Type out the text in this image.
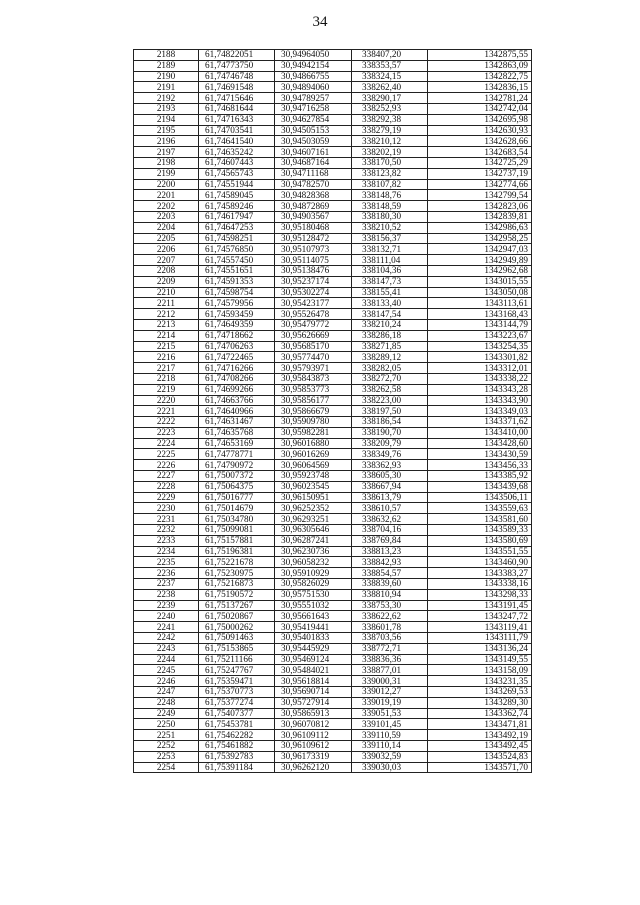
34
2188	61,74822051	30,94964050	338407,20	1342875,55
2189	61,74773750	30,94942154	338353,57	1342863,09
2190	61,74746748	30,94866755	338324,15	1342822,75
2191	61,74691548	30,94894060	338262,40	1342836,15
2192	61,74715646	30,94789257	338290,17	1342781,24
2193	61,74681644	30,94716258	338252,93	1342742,04
2194	61,74716343	30,94627854	338292,38	1342695,98
2195	61,74703541	30,94505153	338279,19	1342630,93
2196	61,74641540	30,94503059	338210,12	1342628,66
2197	61,74635242	30,94607161	338202,19	1342683,54
2198	61,74607443	30,94687164	338170,50	1342725,29
2199	61,74565743	30,94711168	338123,82	1342737,19
2200	61,74551944	30,94782570	338107,82	1342774,66
2201	61,74589045	30,94828368	338148,76	1342799,54
2202	61,74589246	30,94872869	338148,59	1342823,06
2203	61,74617947	30,94903567	338180,30	1342839,81
2204	61,74647253	30,95180468	338210,52	1342986,63
2205	61,74598251	30,95128472	338156,37	1342958,25
2206	61,74576850	30,95107973	338132,71	1342947,03
2207	61,74557450	30,95114075	338111,04	1342949,89
2208	61,74551651	30,95138476	338104,36	1342962,68
2209	61,74591353	30,95237174	338147,73	1343015,55
2210	61,74598754	30,95302274	338155,41	1343050,08
2211	61,74579956	30,95423177	338133,40	1343113,61
2212	61,74593459	30,95526478	338147,54	1343168,43
2213	61,74649359	30,95479772	338210,24	1343144,79
2214	61,74718662	30,95626669	338286,18	1343223,67
2215	61,74706263	30,95685170	338271,85	1343254,35
2216	61,74722465	30,95774470	338289,12	1343301,82
2217	61,74716266	30,95793971	338282,05	1343312,01
2218	61,74708266	30,95843873	338272,70	1343338,22
2219	61,74699266	30,95853773	338262,58	1343343,28
2220	61,74663766	30,95856177	338223,00	1343343,90
2221	61,74640966	30,95866679	338197,50	1343349,03
2222	61,74631467	30,95909780	338186,54	1343371,62
2223	61,74635768	30,95982281	338190,70	1343410,00
2224	61,74653169	30,96016880	338209,79	1343428,60
2225	61,74778771	30,96016269	338349,76	1343430,59
2226	61,74790972	30,96064569	338362,93	1343456,33
2227	61,75007372	30,95923748	338605,30	1343385,92
2228	61,75064375	30,96023545	338667,94	1343439,68
2229	61,75016777	30,96150951	338613,79	1343506,11
2230	61,75014679	30,96252352	338610,57	1343559,63
2231	61,75034780	30,96293251	338632,62	1343581,60
2232	61,75099081	30,96305646	338704,16	1343589,33
2233	61,75157881	30,96287241	338769,84	1343580,69
2234	61,75196381	30,96230736	338813,23	1343551,55
2235	61,75221678	30,96058232	338842,93	1343460,90
2236	61,75230975	30,95910929	338854,57	1343383,27
2237	61,75216873	30,95826029	338839,60	1343338,16
2238	61,75190572	30,95751530	338810,94	1343298,33
2239	61,75137267	30,95551032	338753,30	1343191,45
2240	61,75020867	30,95661643	338622,62	1343247,72
2241	61,75000262	30,95419441	338601,78	1343119,41
2242	61,75091463	30,95401833	338703,56	1343111,79
2243	61,75153865	30,95445929	338772,71	1343136,24
2244	61,75211166	30,95469124	338836,36	1343149,55
2245	61,75247767	30,95484021	338877,01	1343158,09
2246	61,75359471	30,95618814	339000,31	1343231,35
2247	61,75370773	30,95690714	339012,27	1343269,53
2248	61,75377274	30,95727914	339019,19	1343289,30
2249	61,75407377	30,95865913	339051,53	1343362,74
2250	61,75453781	30,96070812	339101,45	1343471,81
2251	61,75462282	30,96109112	339110,59	1343492,19
2252	61,75461882	30,96109612	339110,14	1343492,45
2253	61,75392783	30,96173319	339032,59	1343524,83
2254	61,75391184	30,96262120	339030,03	1343571,70
